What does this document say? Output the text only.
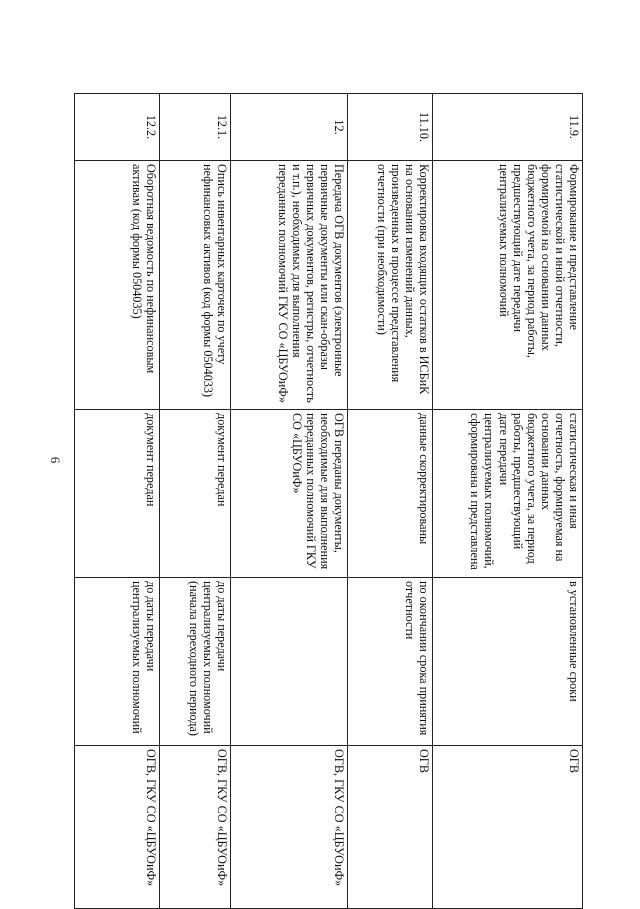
6
11.9.	Формирование и представление статистической и иной отчетности, формируемой на основании данных бюджетного учета, за период работы, предшествующий дате передачи централизуемых полномочий	статистическая и иная отчетность, формируемая на основании данных бюджетного учета, за период работы, предшествующий дате передачи централизуемых полномочий, сформирована и представлена	в установленные сроки	ОГВ
11.10.	Корректировка входящих остатков в ИСБиК на основании изменений данных, произведенных в процессе представления отчетности (при необходимости)	данные скорректированы	по окончании срока принятия отчетности	ОГВ
12.	Передача ОГВ документов (электронные первичные документы или скан-образы первичных документов, регистры, отчетность и т.п.), необходимых для выполнения переданных полномочий ГКУ СО «ЦБУОиФ»	ОГВ переданы документы, необходимые для выполнения переданных полномочий ГКУ СО «ЦБУОиФ»		ОГВ, ГКУ СО «ЦБУОиФ»
12.1.	Опись инвентарных карточек по учету нефинансовых активов (код формы 0504033)	документ передан	до даты передачи централизуемых полномочий (начала переходного периода)	ОГВ, ГКУ СО «ЦБУОиФ»
12.2.	Оборотная ведомость по нефинансовым активам (код формы 0504035)	документ передан	до даты передачи централизуемых полномочий	ОГВ, ГКУ СО «ЦБУОиФ»
